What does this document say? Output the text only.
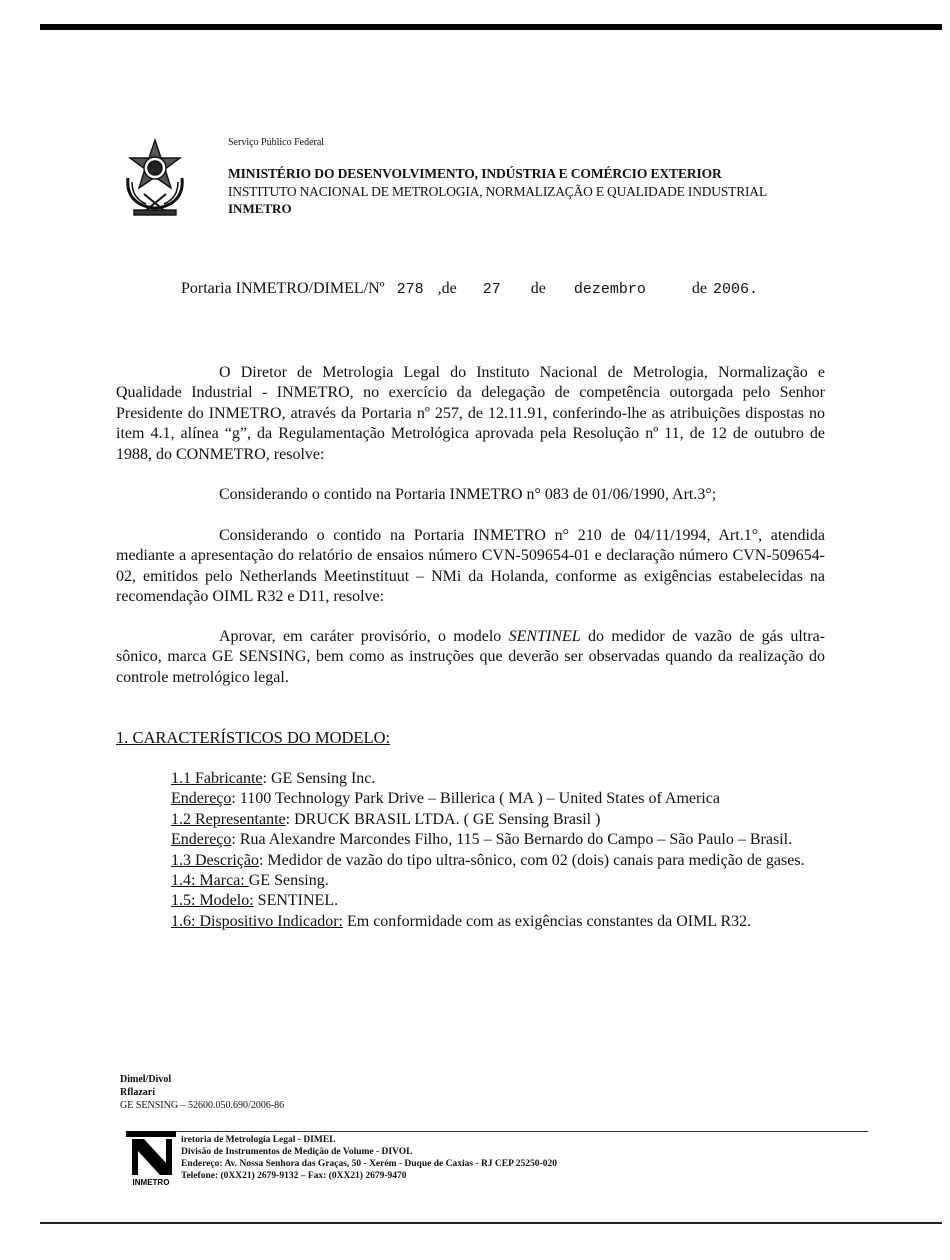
Serviço Público Federal
MINISTÉRIO DO DESENVOLVIMENTO, INDÚSTRIA E COMÉRCIO EXTERIOR
INSTITUTO NACIONAL DE METROLOGIA, NORMALIZAÇÃO E QUALIDADE INDUSTRIAL
INMETRO
Portaria INMETRO/DIMEL/Nº 278 ,de 27 de dezembro	de 2006.
O Diretor de Metrologia Legal do Instituto Nacional de Metrologia, Normalização e Qualidade Industrial - INMETRO, no exercício da delegação de competência outorgada pelo Senhor Presidente do INMETRO, através da Portaria nº 257, de 12.11.91, conferindo-lhe as atribuições dispostas no item 4.1, alínea “g”, da Regulamentação Metrológica aprovada pela Resolução nº 11, de 12 de outubro de 1988, do CONMETRO, resolve:
Considerando o contido na Portaria INMETRO n° 083 de 01/06/1990, Art.3°;
Considerando o contido na Portaria INMETRO n° 210 de 04/11/1994, Art.1°, atendida mediante a apresentação do relatório de ensaios número CVN-509654-01 e declaração número CVN-509654-02, emitidos pelo Netherlands Meetinstituut – NMi da Holanda, conforme as exigências estabelecidas na recomendação OIML R32 e D11, resolve:
Aprovar, em caráter provisório, o modelo SENTINEL do medidor de vazão de gás ultra-sônico, marca GE SENSING, bem como as instruções que deverão ser observadas quando da realização do controle metrológico legal.
1. CARACTERÍSTICOS DO MODELO:
1.1 Fabricante: GE Sensing Inc.
Endereço: 1100 Technology Park Drive – Billerica ( MA ) – United States of America
1.2 Representante: DRUCK BRASIL LTDA. ( GE Sensing Brasil )
Endereço: Rua Alexandre Marcondes Filho, 115 – São Bernardo do Campo – São Paulo – Brasil.
1.3 Descrição: Medidor de vazão do tipo ultra-sônico, com 02 (dois) canais para medição de gases.
1.4: Marca: GE Sensing.
1.5: Modelo: SENTINEL.
1.6: Dispositivo Indicador: Em conformidade com as exigências constantes da OIML R32.
Dimel/Divol
Rflazari
GE SENSING – 52600.050.690/2006-86
INMETRO
iretoria de Metrologia Legal - DIMEL
Divisão de Instrumentos de Medição de Volume - DIVOL
Endereço: Av. Nossa Senhora das Graças, 50 - Xerém - Duque de Caxias - RJ CEP 25250-020
Telefone: (0XX21) 2679-9132 – Fax: (0XX21) 2679-9470
